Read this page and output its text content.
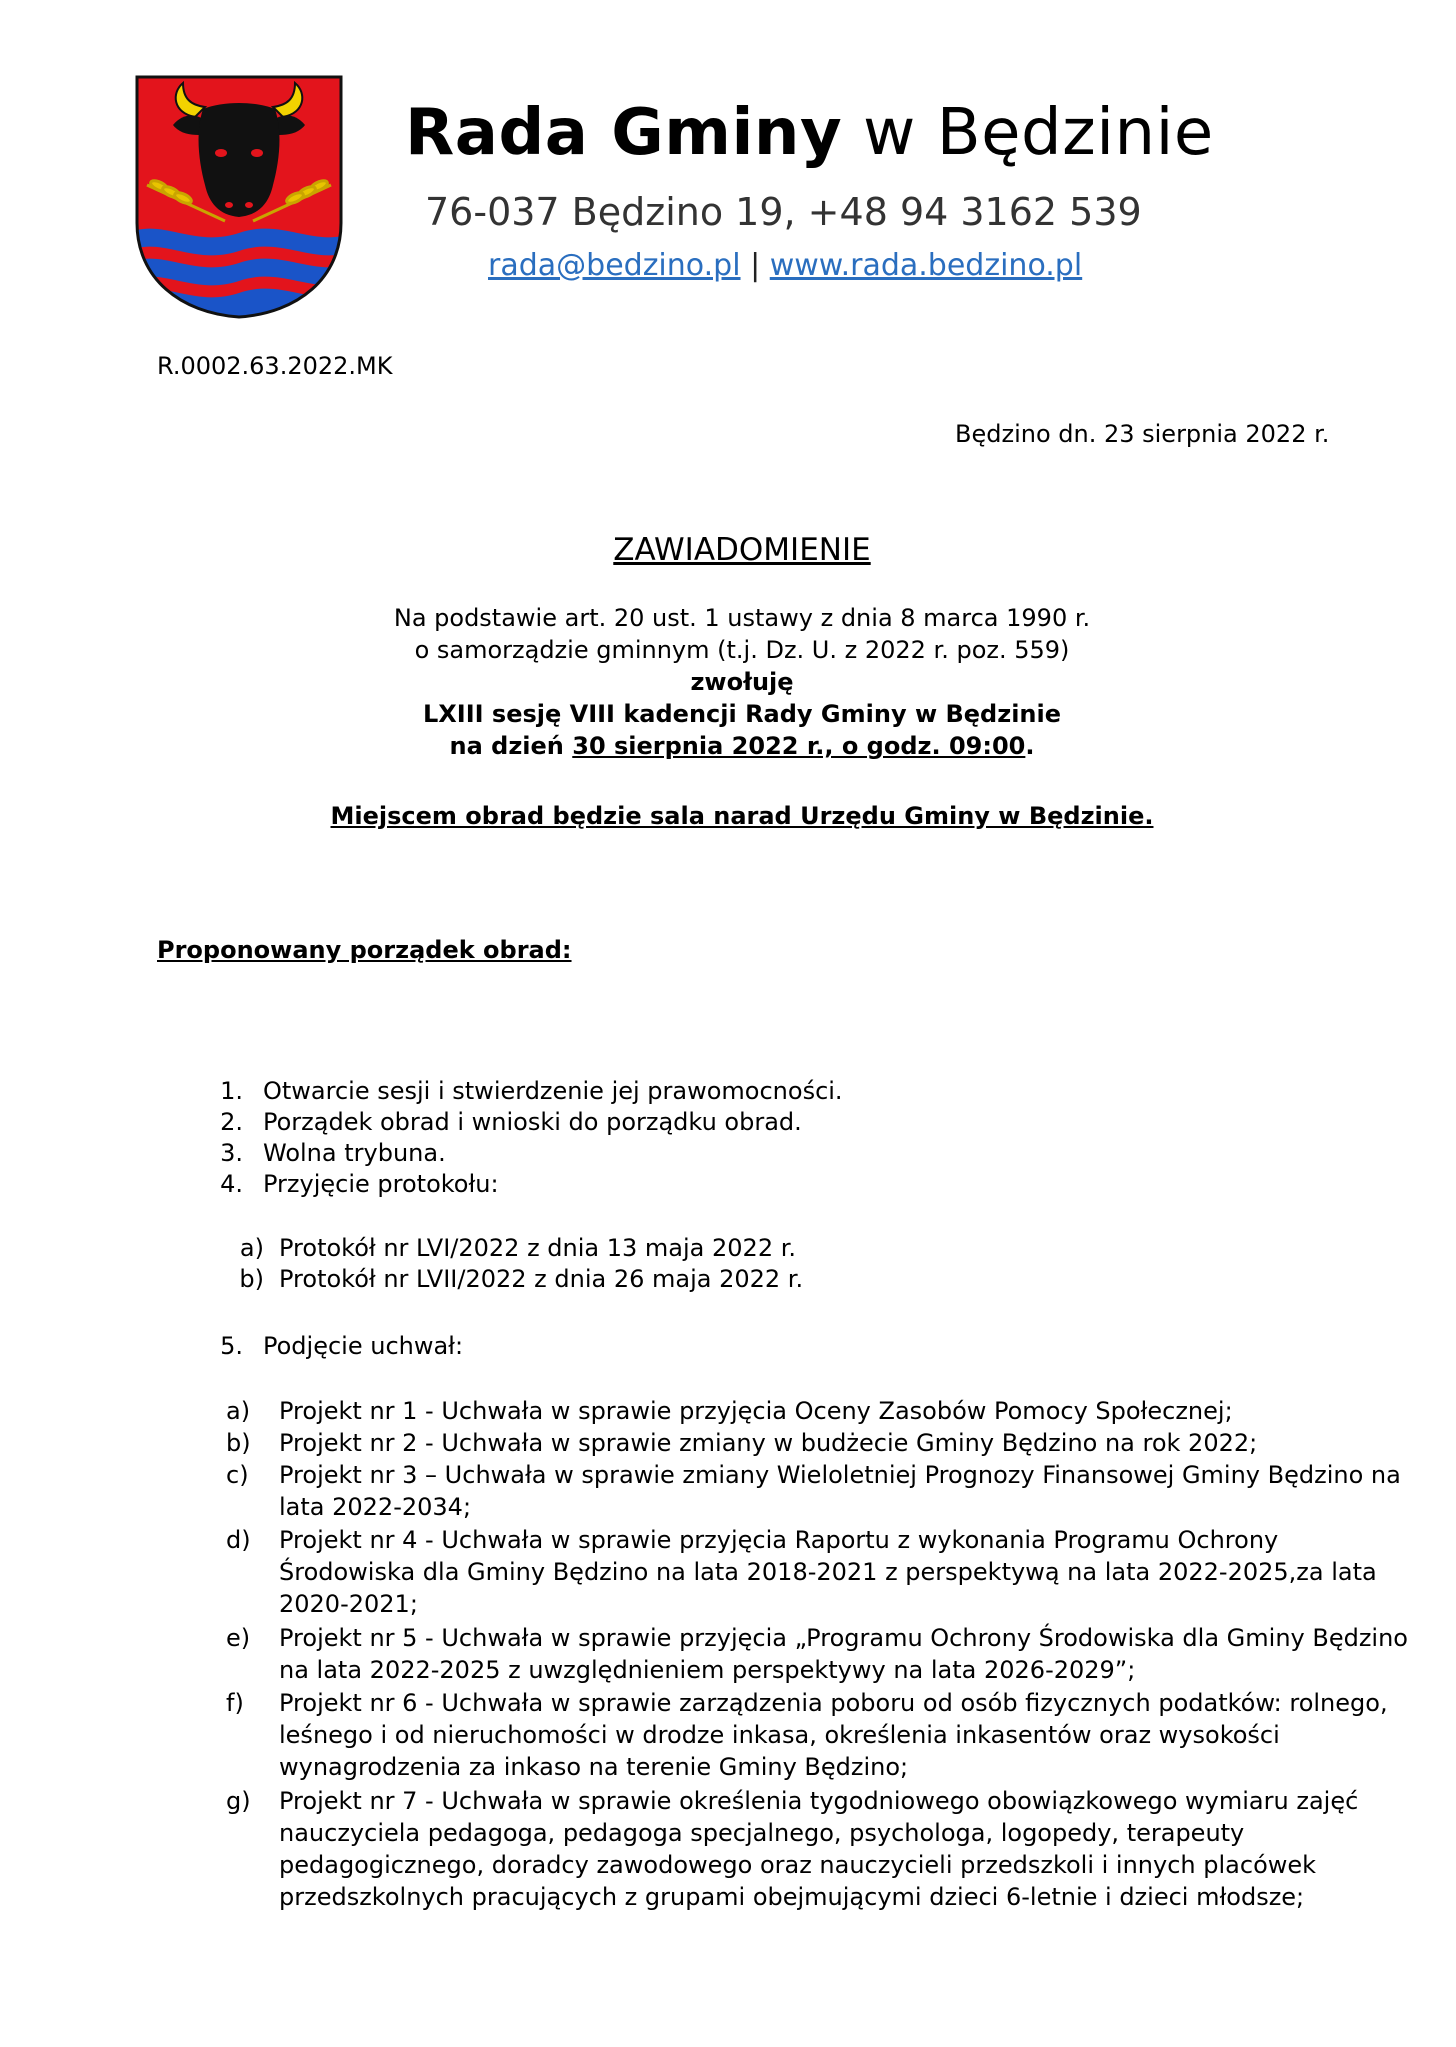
Rada Gminy w Będzinie
76-037 Będzino 19, +48 94 3162 539
rada@bedzino.pl | www.rada.bedzino.pl
R.0002.63.2022.MK
Będzino dn. 23 sierpnia 2022 r.
ZAWIADOMIENIE
Na podstawie art. 20 ust. 1 ustawy z dnia 8 marca 1990 r.
o samorządzie gminnym (t.j. Dz. U. z 2022 r. poz. 559)
zwołuję
LXIII sesję VIII kadencji Rady Gminy w Będzinie
na dzień 30 sierpnia 2022 r., o godz. 09:00.
Miejscem obrad będzie sala narad Urzędu Gminy w Będzinie.
Proponowany porządek obrad:
1. Otwarcie sesji i stwierdzenie jej prawomocności.
2. Porządek obrad i wnioski do porządku obrad.
3. Wolna trybuna.
4. Przyjęcie protokołu:
5. Podjęcie uchwał:
a) Protokół nr LVI/2022 z dnia 13 maja 2022 r.
b) Protokół nr LVII/2022 z dnia 26 maja 2022 r.
a)	Projekt nr 1 - Uchwała w sprawie przyjęcia Oceny Zasobów Pomocy Społecznej;
b)	Projekt nr 2 - Uchwała w sprawie zmiany w budżecie Gminy Będzino na rok 2022;
c)	Projekt nr 3 – Uchwała w sprawie zmiany Wieloletniej Prognozy Finansowej Gminy Będzino na
lata 2022-2034;
d)	Projekt nr 4 - Uchwała w sprawie przyjęcia Raportu z wykonania Programu Ochrony
Środowiska dla Gminy Będzino na lata 2018-2021 z perspektywą na lata 2022-2025,za lata
2020-2021;
e)	Projekt nr 5 - Uchwała w sprawie przyjęcia „Programu Ochrony Środowiska dla Gminy Będzino
na lata 2022-2025 z uwzględnieniem perspektywy na lata 2026-2029”;
f)	Projekt nr 6 - Uchwała w sprawie zarządzenia poboru od osób fizycznych podatków: rolnego,
leśnego i od nieruchomości w drodze inkasa, określenia inkasentów oraz wysokości
wynagrodzenia za inkaso na terenie Gminy Będzino;
g)	Projekt nr 7 - Uchwała w sprawie określenia tygodniowego obowiązkowego wymiaru zajęć
nauczyciela pedagoga, pedagoga specjalnego, psychologa, logopedy, terapeuty
pedagogicznego, doradcy zawodowego oraz nauczycieli przedszkoli i innych placówek
przedszkolnych pracujących z grupami obejmującymi dzieci 6-letnie i dzieci młodsze;
